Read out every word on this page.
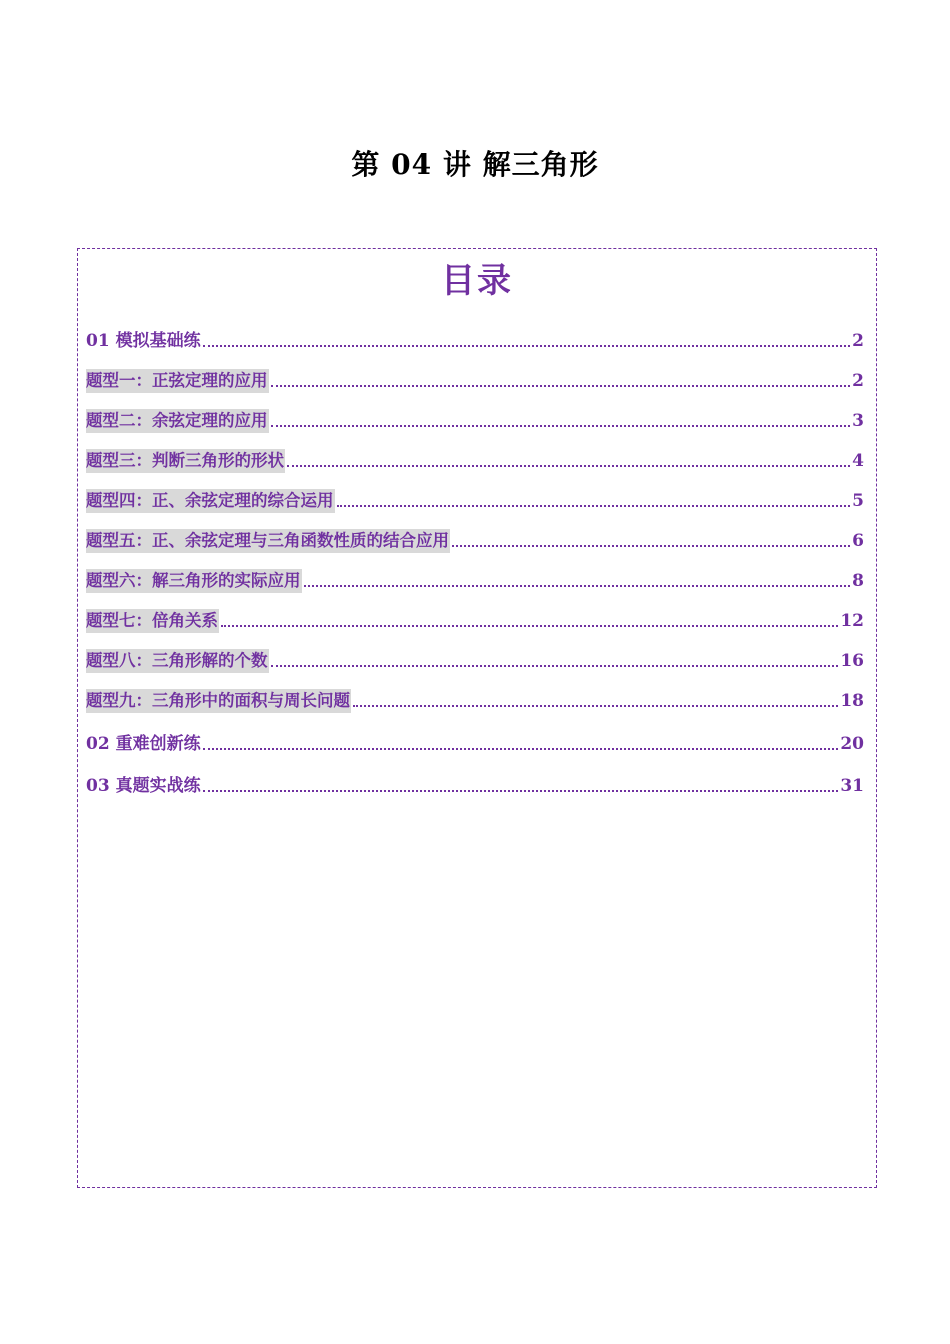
第 04 讲 解三角形
目录
01 模拟基础练	2
题型一：正弦定理的应用	2
题型二：余弦定理的应用	3
题型三：判断三角形的形状	4
题型四：正、余弦定理的综合运用	5
题型五：正、余弦定理与三角函数性质的结合应用	6
题型六：解三角形的实际应用	8
题型七：倍角关系	12
题型八：三角形解的个数	16
题型九：三角形中的面积与周长问题	18
02 重难创新练	20
03 真题实战练	31
